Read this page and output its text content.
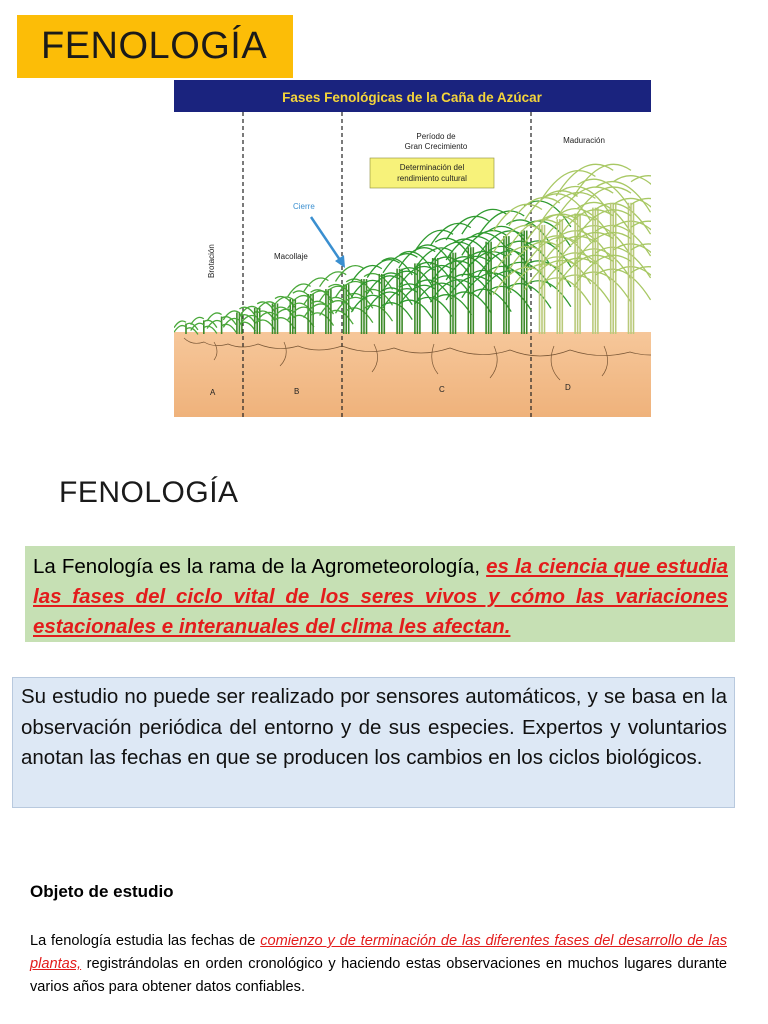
FENOLOGÍA
Fases Fenológicas de la Caña de Azúcar
Brotación
Cierre
Macollaje
Período de
Gran Crecimiento
Determinación del
rendimiento cultural
Maduración
A	B	C	D
FENOLOGÍA
La Fenología es la rama de la Agrometeorología, es la ciencia que estudia las fases del ciclo vital de los seres vivos y cómo las variaciones estacionales e interanuales del clima les afectan.
Su estudio no puede ser realizado por sensores automáticos, y se basa en la observación periódica del entorno y de sus especies. Expertos y voluntarios anotan las fechas en que se producen los cambios en los ciclos biológicos.
Objeto de estudio
La fenología estudia las fechas de comienzo y de terminación de las diferentes fases del desarrollo de las plantas, registrándolas en orden cronológico y haciendo estas observaciones en muchos lugares durante varios años para obtener datos confiables.
